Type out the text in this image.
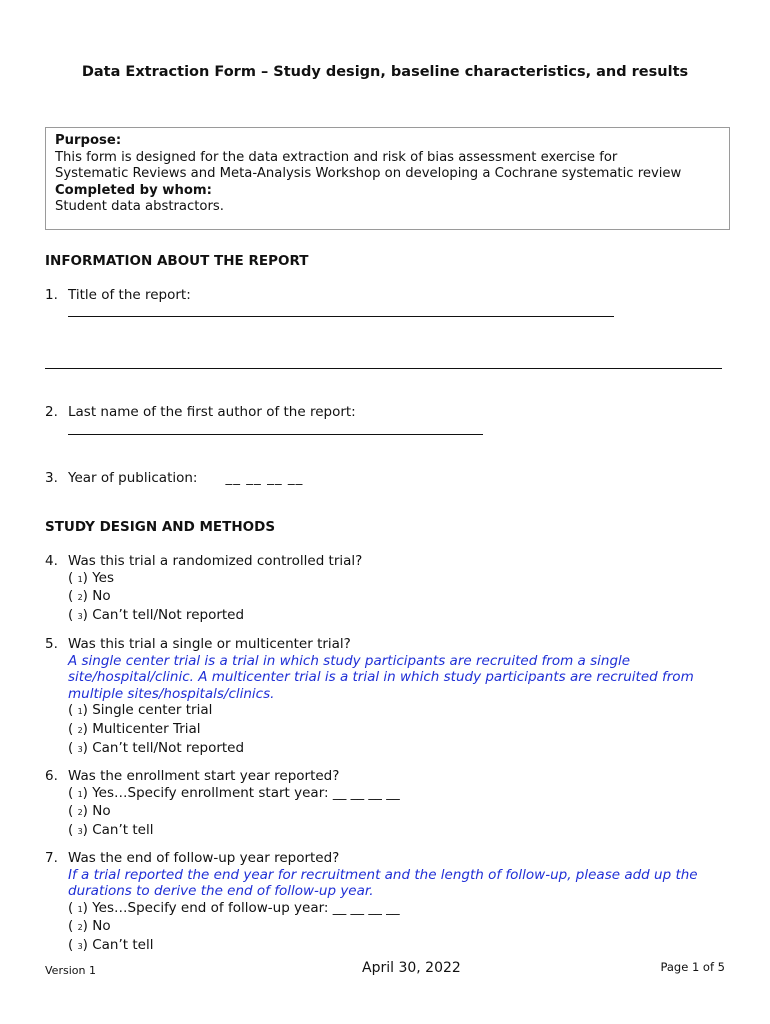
Data Extraction Form – Study design, baseline characteristics, and results
Purpose:
This form is designed for the data extraction and risk of bias assessment exercise for
Systematic Reviews and Meta-Analysis Workshop on developing a Cochrane systematic review
Completed by whom:
Student data abstractors.
INFORMATION ABOUT THE REPORT
1. Title of the report:
2. Last name of the first author of the report:
3. Year of publication: __ __ __ __
STUDY DESIGN AND METHODS
4. Was this trial a randomized controlled trial?
( 1) Yes
( 2) No
( 3) Can’t tell/Not reported
5. Was this trial a single or multicenter trial?
A single center trial is a trial in which study participants are recruited from a single
site/hospital/clinic. A multicenter trial is a trial in which study participants are recruited from
multiple sites/hospitals/clinics.
( 1) Single center trial
( 2) Multicenter Trial
( 3) Can’t tell/Not reported
6. Was the enrollment start year reported?
( 1) Yes…Specify enrollment start year: __ __ __ __
( 2) No
( 3) Can’t tell
7. Was the end of follow-up year reported?
If a trial reported the end year for recruitment and the length of follow-up, please add up the
durations to derive the end of follow-up year.
( 1) Yes…Specify end of follow-up year: __ __ __ __
( 2) No
( 3) Can’t tell
Version 1	April 30, 2022	Page 1 of 5
